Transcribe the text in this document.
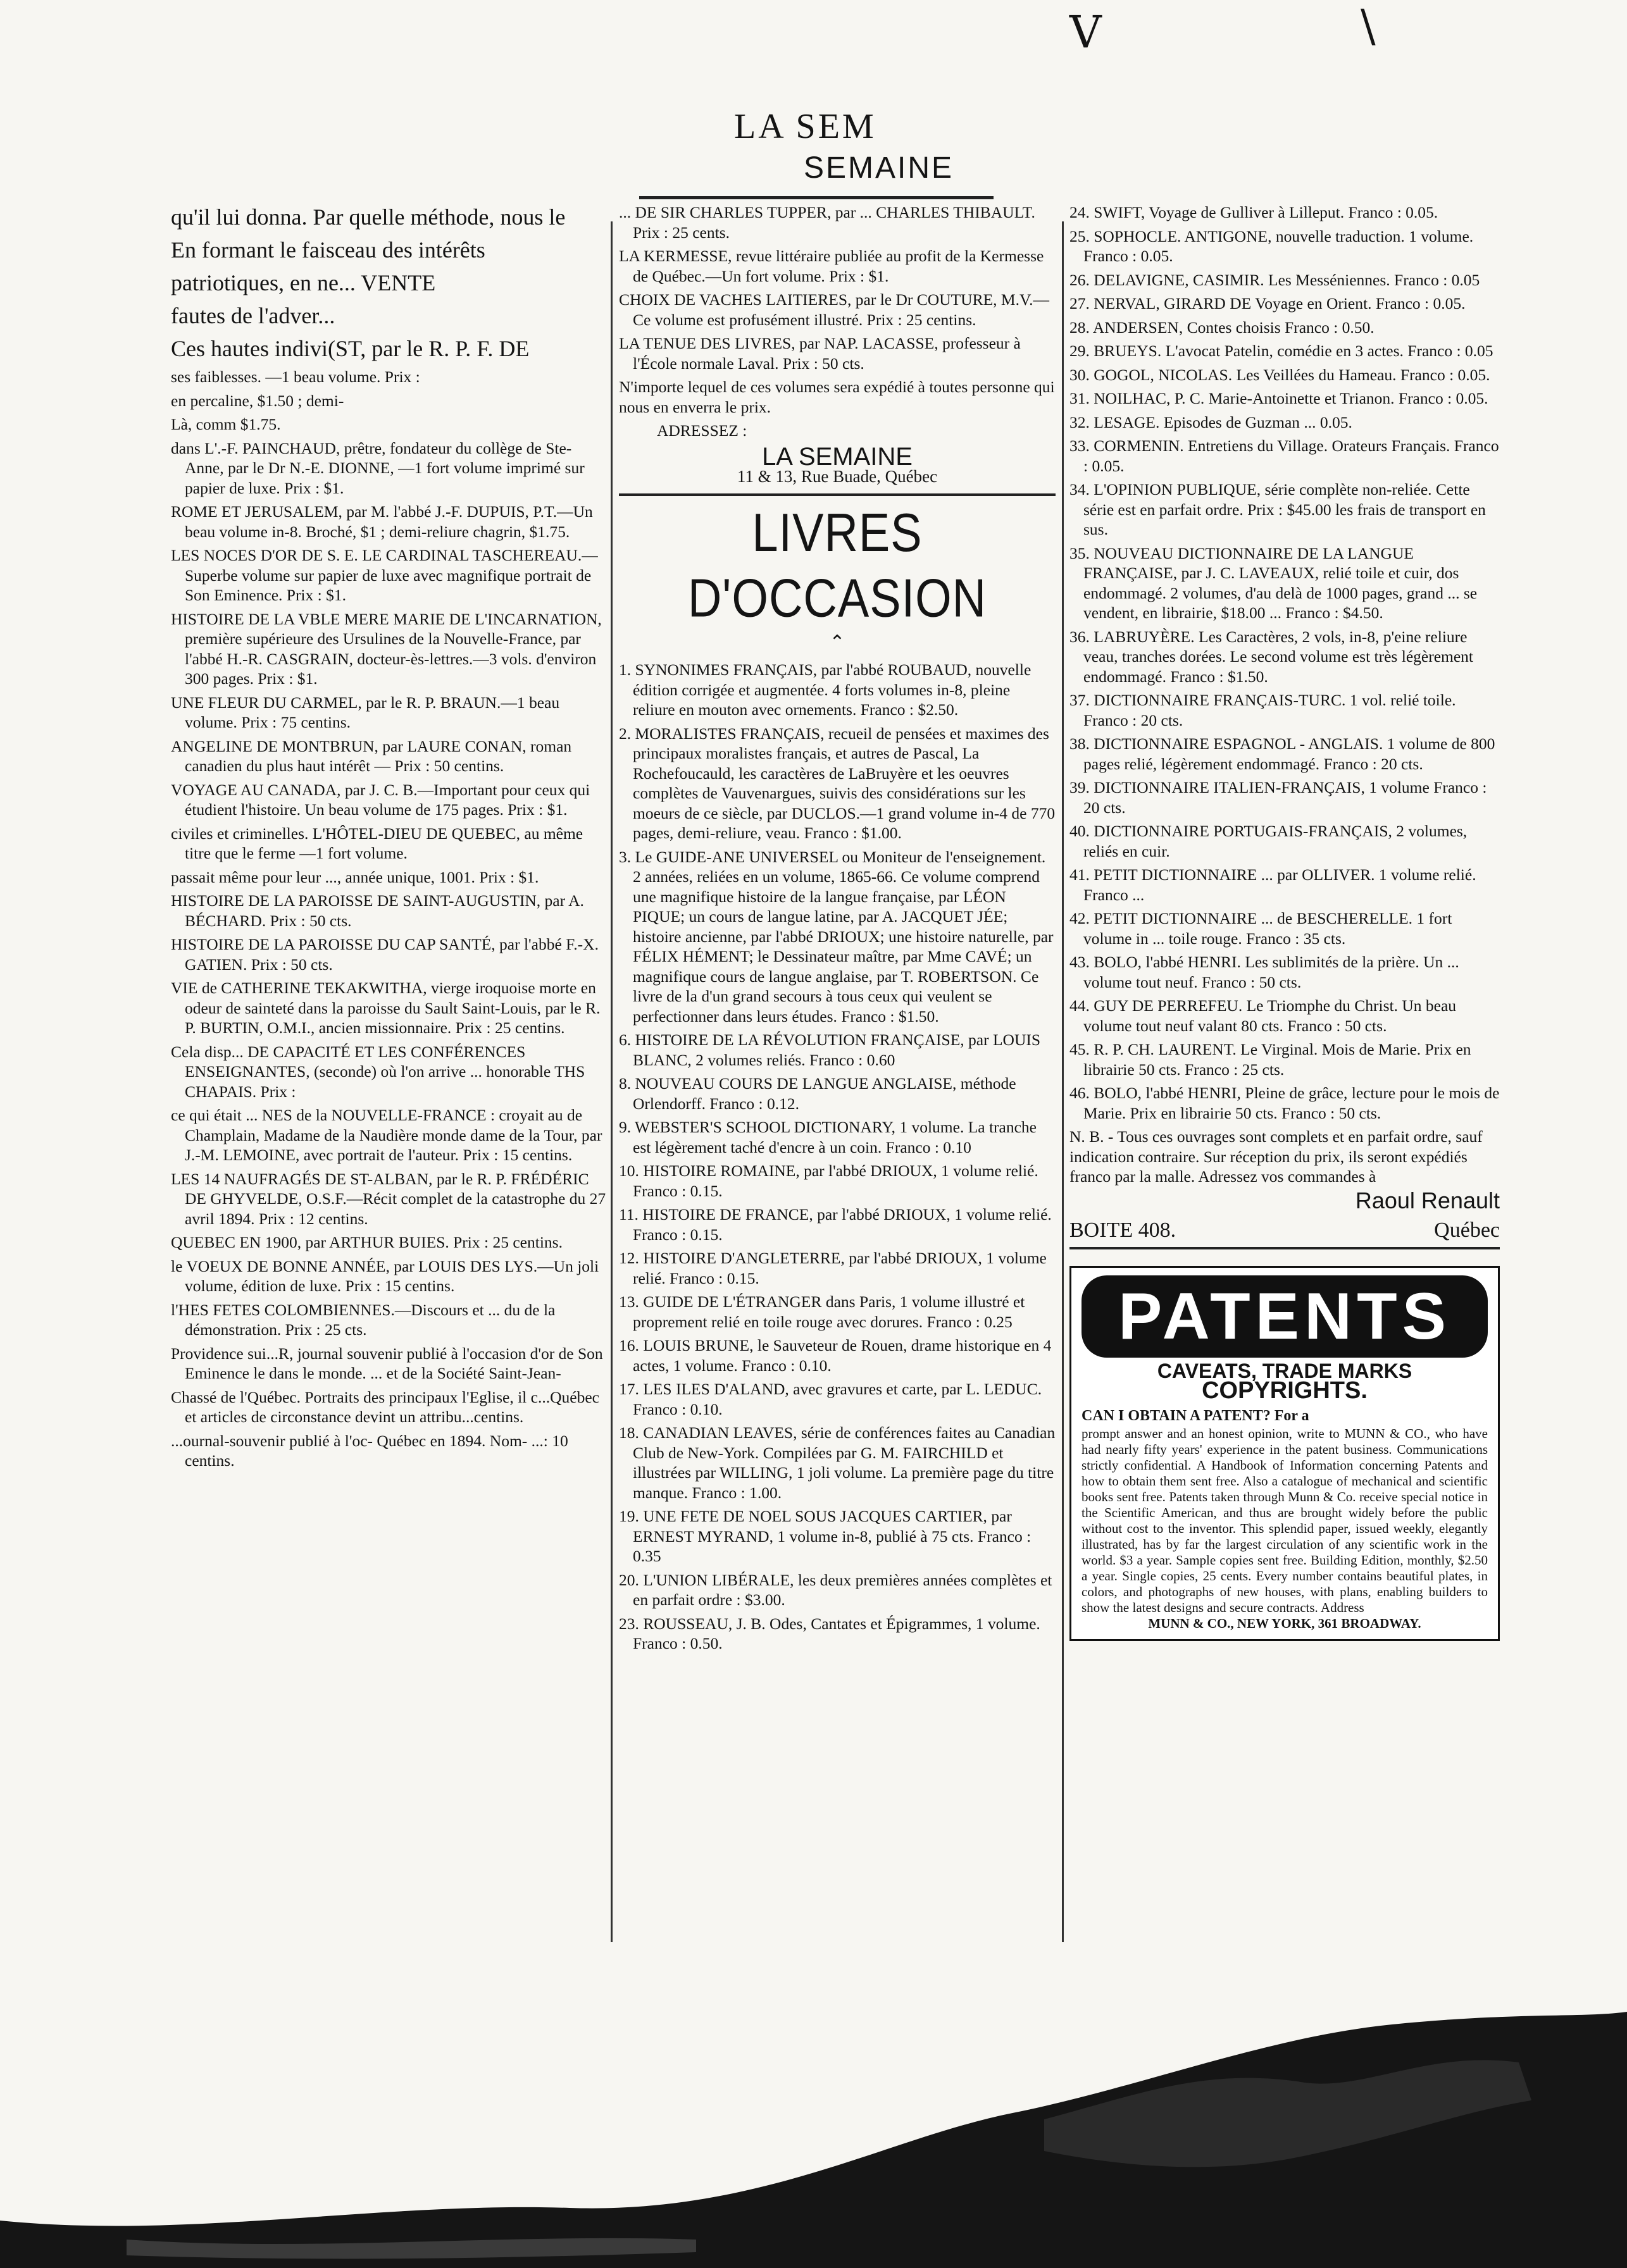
V	\
LA SEM
SEMAINE

qu'il lui donna. Par quelle méthode, nous le

En formant le faisceau des intérêts

patriotiques, en ne... VENTE

fautes de l'adver...

Ces hautes indivi(ST, par le R. P. F. DE

ses faiblesses. —1 beau volume. Prix :

en percaline, $1.50 ; demi-

Là, comm $1.75.

dans L'.-F. PAINCHAUD, prêtre, fondateur du collège de Ste-Anne, par le Dr N.-E. DIONNE, —1 fort volume imprimé sur papier de luxe. Prix : $1.

ROME ET JERUSALEM, par M. l'abbé J.-F. DUPUIS, P.T.—Un beau volume in-8. Broché, $1 ; demi-reliure chagrin, $1.75.

LES NOCES D'OR DE S. E. LE CARDINAL TASCHEREAU.—Superbe volume sur papier de luxe avec magnifique portrait de Son Eminence. Prix : $1.

HISTOIRE DE LA VBLE MERE MARIE DE L'INCARNATION, première supérieure des Ursulines de la Nouvelle-France, par l'abbé H.-R. CASGRAIN, docteur-ès-lettres.—3 vols. d'environ 300 pages. Prix : $1.

UNE FLEUR DU CARMEL, par le R. P. BRAUN.—1 beau volume. Prix : 75 centins.

ANGELINE DE MONTBRUN, par LAURE CONAN, roman canadien du plus haut intérêt — Prix : 50 centins.

VOYAGE AU CANADA, par J. C. B.—Important pour ceux qui étudient l'histoire. Un beau volume de 175 pages. Prix : $1.

civiles et criminelles. L'HÔTEL-DIEU DE QUEBEC, au même titre que le ferme —1 fort volume.

passait même pour leur ..., année unique, 1001. Prix : $1.

HISTOIRE DE LA PAROISSE DE SAINT-AUGUSTIN, par A. BÉCHARD. Prix : 50 cts.

HISTOIRE DE LA PAROISSE DU CAP SANTÉ, par l'abbé F.-X. GATIEN. Prix : 50 cts.

VIE de CATHERINE TEKAKWITHA, vierge iroquoise morte en odeur de sainteté dans la paroisse du Sault Saint-Louis, par le R. P. BURTIN, O.M.I., ancien missionnaire. Prix : 25 centins.

Cela disp... DE CAPACITÉ ET LES CONFÉRENCES ENSEIGNANTES, (seconde) où l'on arrive ... honorable THS CHAPAIS. Prix :

ce qui était ... NES de la NOUVELLE-FRANCE : croyait au de Champlain, Madame de la Naudière monde dame de la Tour, par J.-M. LEMOINE, avec portrait de l'auteur. Prix : 15 centins.

LES 14 NAUFRAGÉS DE ST-ALBAN, par le R. P. FRÉDÉRIC DE GHYVELDE, O.S.F.—Récit complet de la catastrophe du 27 avril 1894. Prix : 12 centins.

QUEBEC EN 1900, par ARTHUR BUIES. Prix : 25 centins.

le VOEUX DE BONNE ANNÉE, par LOUIS DES LYS.—Un joli volume, édition de luxe. Prix : 15 centins.

l'HES FETES COLOMBIENNES.—Discours et ... du de la démonstration. Prix : 25 cts.

Providence sui...R, journal souvenir publié à l'occasion d'or de Son Eminence le dans le monde. ... et de la Société Saint-Jean-

Chassé de l'Québec. Portraits des principaux l'Eglise, il c...Québec et articles de circonstance devint un attribu...centins.

...ournal-souvenir publié à l'oc- Québec en 1894. Nom- ...: 10 centins.

... DE SIR CHARLES TUPPER, par ... CHARLES THIBAULT. Prix : 25 cents.

LA KERMESSE, revue littéraire publiée au profit de la Kermesse de Québec.—Un fort volume. Prix : $1.

CHOIX DE VACHES LAITIERES, par le Dr COUTURE, M.V.—Ce volume est profusément illustré. Prix : 25 centins.

LA TENUE DES LIVRES, par NAP. LACASSE, professeur à l'École normale Laval. Prix : 50 cts.

N'importe lequel de ces volumes sera expédié à toutes personne qui nous en enverra le prix.

ADRESSEZ :
LA SEMAINE
11 & 13, Rue Buade, Québec
LIVRES D'OCCASION
⌃

1. SYNONIMES FRANÇAIS, par l'abbé ROUBAUD, nouvelle édition corrigée et augmentée. 4 forts volumes in-8, pleine reliure en mouton avec ornements. Franco : $2.50.

2. MORALISTES FRANÇAIS, recueil de pensées et maximes des principaux moralistes français, et autres de Pascal, La Rochefoucauld, les caractères de LaBruyère et les oeuvres complètes de Vauvenargues, suivis des considérations sur les moeurs de ce siècle, par DUCLOS.—1 grand volume in-4 de 770 pages, demi-reliure, veau. Franco : $1.00.

3. Le GUIDE-ANE UNIVERSEL ou Moniteur de l'enseignement. 2 années, reliées en un volume, 1865-66. Ce volume comprend une magnifique histoire de la langue française, par LÉON PIQUE; un cours de langue latine, par A. JACQUET JÉE; histoire ancienne, par l'abbé DRIOUX; une histoire naturelle, par FÉLIX HÉMENT; le Dessinateur maître, par Mme CAVÉ; un magnifique cours de langue anglaise, par T. ROBERTSON. Ce livre de la d'un grand secours à tous ceux qui veulent se perfectionner dans leurs études. Franco : $1.50.

6. HISTOIRE DE LA RÉVOLUTION FRANÇAISE, par LOUIS BLANC, 2 volumes reliés. Franco : 0.60

8. NOUVEAU COURS DE LANGUE ANGLAISE, méthode Orlendorff. Franco : 0.12.

9. WEBSTER'S SCHOOL DICTIONARY, 1 volume. La tranche est légèrement taché d'encre à un coin. Franco : 0.10

10. HISTOIRE ROMAINE, par l'abbé DRIOUX, 1 volume relié. Franco : 0.15.

11. HISTOIRE DE FRANCE, par l'abbé DRIOUX, 1 volume relié. Franco : 0.15.

12. HISTOIRE D'ANGLETERRE, par l'abbé DRIOUX, 1 volume relié. Franco : 0.15.

13. GUIDE DE L'ÉTRANGER dans Paris, 1 volume illustré et proprement relié en toile rouge avec dorures. Franco : 0.25

16. LOUIS BRUNE, le Sauveteur de Rouen, drame historique en 4 actes, 1 volume. Franco : 0.10.

17. LES ILES D'ALAND, avec gravures et carte, par L. LEDUC. Franco : 0.10.

18. CANADIAN LEAVES, série de conférences faites au Canadian Club de New-York. Compilées par G. M. FAIRCHILD et illustrées par WILLING, 1 joli volume. La première page du titre manque. Franco : 1.00.

19. UNE FETE DE NOEL SOUS JACQUES CARTIER, par ERNEST MYRAND, 1 volume in-8, publié à 75 cts. Franco : 0.35

20. L'UNION LIBÉRALE, les deux premières années complètes et en parfait ordre : $3.00.

23. ROUSSEAU, J. B. Odes, Cantates et Épigrammes, 1 volume. Franco : 0.50.

24. SWIFT, Voyage de Gulliver à Lilleput. Franco : 0.05.

25. SOPHOCLE. ANTIGONE, nouvelle traduction. 1 volume. Franco : 0.05.

26. DELAVIGNE, CASIMIR. Les Messéniennes. Franco : 0.05

27. NERVAL, GIRARD DE Voyage en Orient. Franco : 0.05.

28. ANDERSEN, Contes choisis Franco : 0.50.

29. BRUEYS. L'avocat Patelin, comédie en 3 actes. Franco : 0.05

30. GOGOL, NICOLAS. Les Veillées du Hameau. Franco : 0.05.

31. NOILHAC, P. C. Marie-Antoinette et Trianon. Franco : 0.05.

32. LESAGE. Episodes de Guzman ... 0.05.

33. CORMENIN. Entretiens du Village. Orateurs Français. Franco : 0.05.

34. L'OPINION PUBLIQUE, série complète non-reliée. Cette série est en parfait ordre. Prix : $45.00 les frais de transport en sus.

35. NOUVEAU DICTIONNAIRE DE LA LANGUE FRANÇAISE, par J. C. LAVEAUX, relié toile et cuir, dos endommagé. 2 volumes, d'au delà de 1000 pages, grand ... se vendent, en librairie, $18.00 ... Franco : $4.50.

36. LABRUYÈRE. Les Caractères, 2 vols, in-8, p'eine reliure veau, tranches dorées. Le second volume est très légèrement endommagé. Franco : $1.50.

37. DICTIONNAIRE FRANÇAIS-TURC. 1 vol. relié toile. Franco : 20 cts.

38. DICTIONNAIRE ESPAGNOL - ANGLAIS. 1 volume de 800 pages relié, légèrement endommagé. Franco : 20 cts.

39. DICTIONNAIRE ITALIEN-FRANÇAIS, 1 volume Franco : 20 cts.

40. DICTIONNAIRE PORTUGAIS-FRANÇAIS, 2 volumes, reliés en cuir.

41. PETIT DICTIONNAIRE ... par OLLIVER. 1 volume relié. Franco ...

42. PETIT DICTIONNAIRE ... de BESCHERELLE. 1 fort volume in ... toile rouge. Franco : 35 cts.

43. BOLO, l'abbé HENRI. Les sublimités de la prière. Un ... volume tout neuf. Franco : 50 cts.

44. GUY DE PERREFEU. Le Triomphe du Christ. Un beau volume tout neuf valant 80 cts. Franco : 50 cts.

45. R. P. CH. LAURENT. Le Virginal. Mois de Marie. Prix en librairie 50 cts. Franco : 25 cts.

46. BOLO, l'abbé HENRI, Pleine de grâce, lecture pour le mois de Marie. Prix en librairie 50 cts. Franco : 50 cts.

N. B. - Tous ces ouvrages sont complets et en parfait ordre, sauf indication contraire. Sur réception du prix, ils seront expédiés franco par la malle. Adressez vos commandes à

Raoul Renault
BOITE 408.	Québec
PATENTS
CAVEATS, TRADE MARKS
COPYRIGHTS.
CAN I OBTAIN A PATENT? For a
prompt answer and an honest opinion, write to MUNN & CO., who have had nearly fifty years' experience in the patent business. Communications strictly confidential. A Handbook of Information concerning Patents and how to obtain them sent free. Also a catalogue of mechanical and scientific books sent free. Patents taken through Munn & Co. receive special notice in the Scientific American, and thus are brought widely before the public without cost to the inventor. This splendid paper, issued weekly, elegantly illustrated, has by far the largest circulation of any scientific work in the world. $3 a year. Sample copies sent free. Building Edition, monthly, $2.50 a year. Single copies, 25 cents. Every number contains beautiful plates, in colors, and photographs of new houses, with plans, enabling builders to show the latest designs and secure contracts. Address
MUNN & CO., NEW YORK, 361 BROADWAY.
